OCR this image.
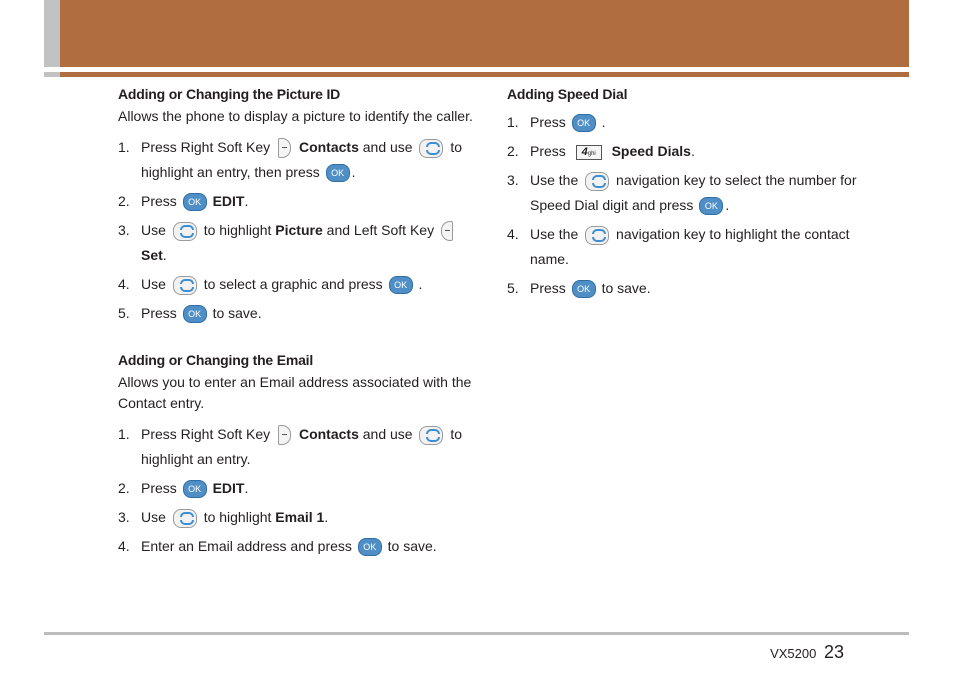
Adding or Changing the Picture ID

Allows the phone to display a picture to identify the caller.

1. Press Right Soft Key Contacts and use	to
highlight an entry, then press OK .
2. Press OK EDIT.
3. Use	to highlight Picture and Left Soft Key
Set.
4. Use	to select a graphic and press OK .
5. Press OK to save.
Adding or Changing the Email

Allows you to enter an Email address associated with the Contact entry.

1. Press Right Soft Key Contacts and use	to
highlight an entry.
2. Press OK EDIT.
3. Use	to highlight Email 1.
4. Enter an Email address and press OK to save.
Adding Speed Dial
1. Press OK .
2. Press 4ghi Speed Dials.
3. Use the	navigation key to select the number for Speed Dial digit and press OK .
4. Use the	navigation key to highlight the contact name.
5. Press OK to save.
VX5200 23
